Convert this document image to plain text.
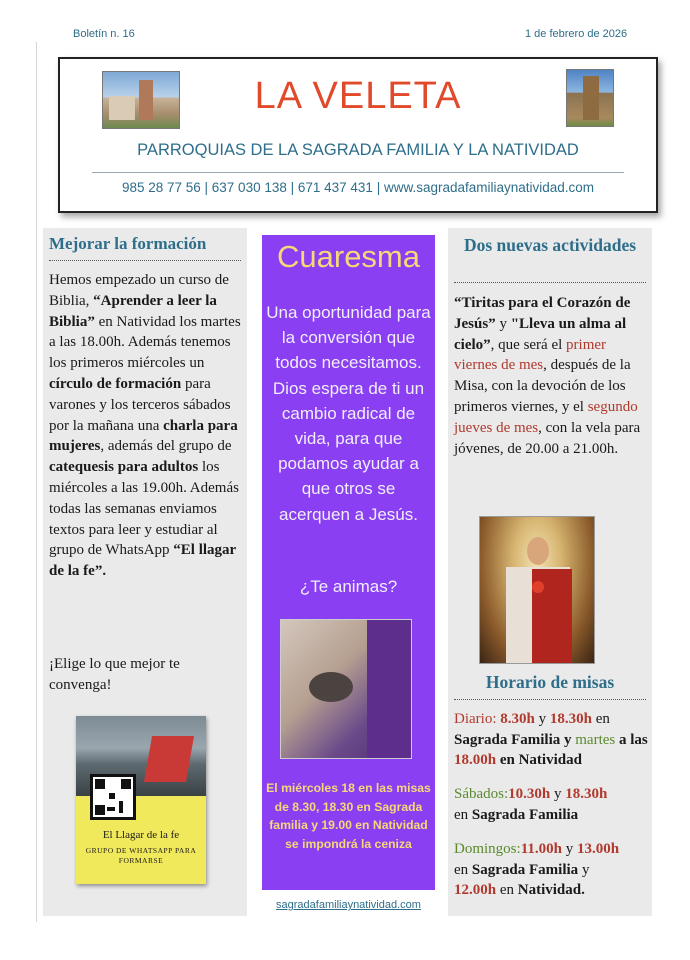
Boletín n. 16	1 de febrero de 2026
LA VELETA
PARROQUIAS DE LA SAGRADA FAMILIA Y LA NATIVIDAD
985 28 77 56 | 637 030 138 | 671 437 431 | www.sagradafamiliaynatividad.com
Mejorar la formación
Hemos empezado un curso de Biblia, “Aprender a leer la Biblia” en Natividad los martes a las 18.00h. Además tenemos los primeros miércoles un círculo de formación para varones y los terceros sábados por la mañana una charla para mujeres, además del grupo de catequesis para adultos los miércoles a las 19.00h. Además todas las semanas enviamos textos para leer y estudiar al grupo de WhatsApp “El llagar de la fe”.
¡Elige lo que mejor te convenga!
El Llagar de la fe
GRUPO DE WHATSAPP PARA FORMARSE
Cuaresma
Una oportunidad para la conversión que todos necesitamos. Dios espera de ti un cambio radical de vida, para que podamos ayudar a que otros se acerquen a Jesús.
¿Te animas?
El miércoles 18 en las misas de 8.30, 18.30 en Sagrada familia y 19.00 en Natividad se impondrá la ceniza
sagradafamiliaynatividad.com
Dos nuevas actividades
“Tiritas para el Corazón de Jesús” y "Lleva un alma al cielo”, que será el primer viernes de mes, después de la Misa, con la devoción de los primeros viernes, y el segundo jueves de mes, con la vela para jóvenes, de 20.00 a 21.00h.
Horario de misas
Diario: 8.30h y 18.30h en Sagrada Familia y martes a las 18.00h en Natividad
Sábados:10.30h y 18.30h
en Sagrada Familia
Domingos:11.00h y 13.00h
en Sagrada Familia y
12.00h en Natividad.
